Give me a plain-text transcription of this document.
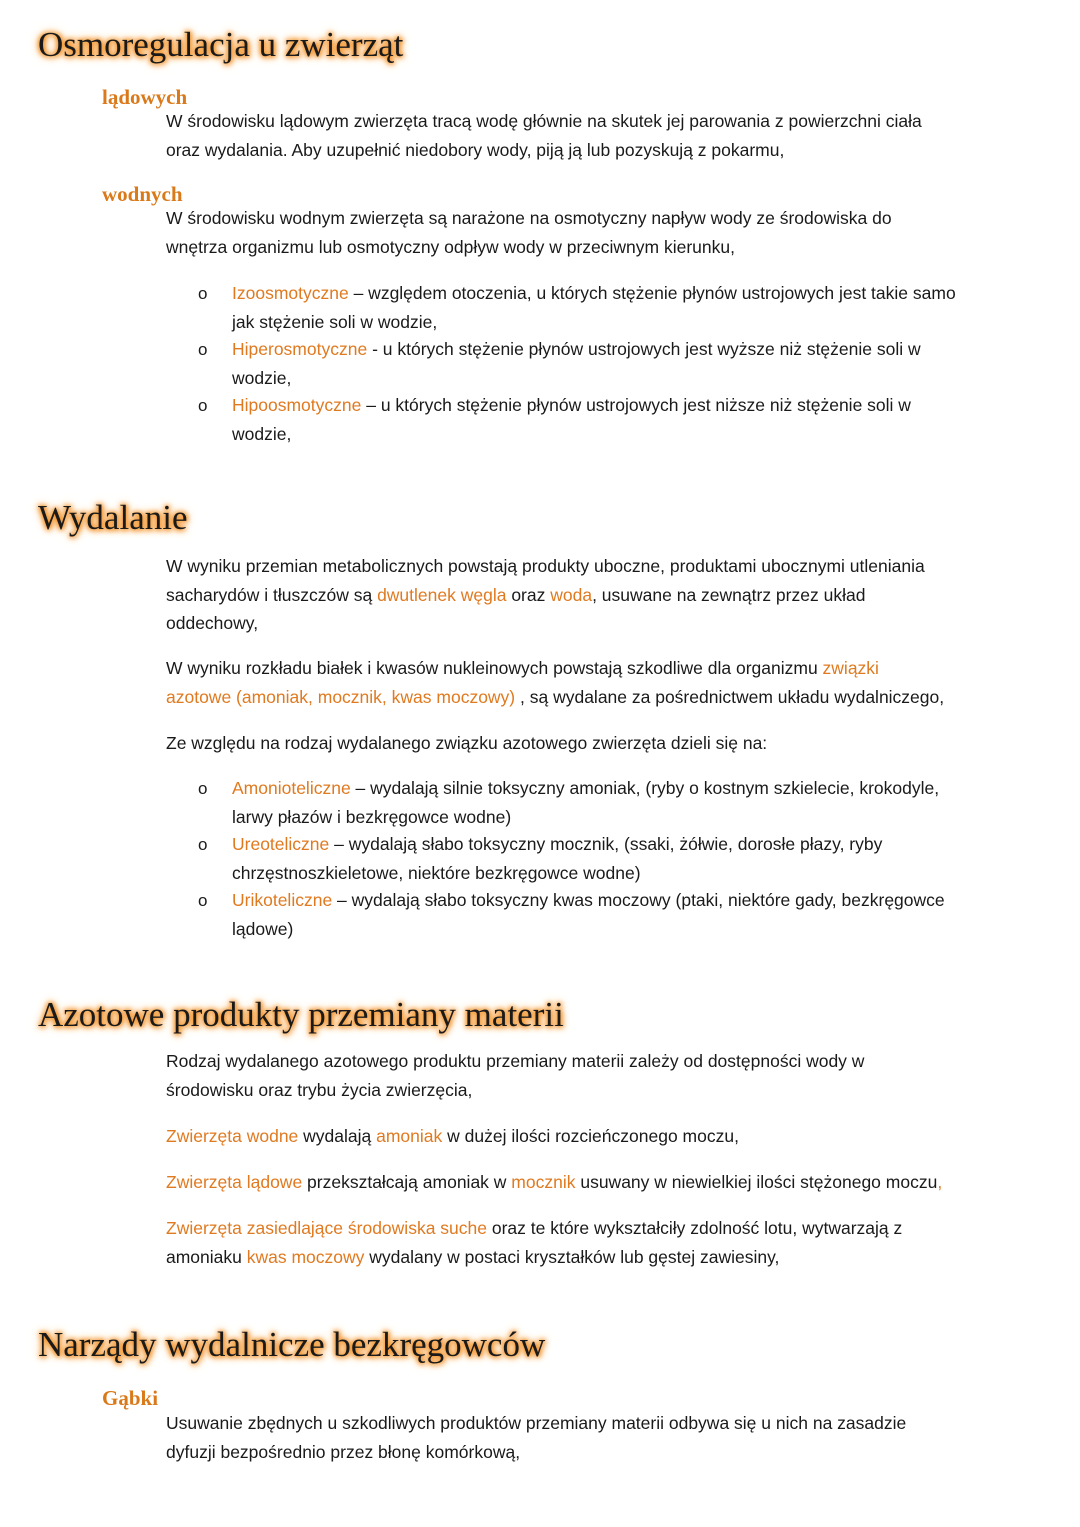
Osmoregulacja u zwierząt
lądowych
W środowisku lądowym zwierzęta tracą wodę głównie na skutek jej parowania z powierzchni ciała
oraz wydalania. Aby uzupełnić niedobory wody, piją ją lub pozyskują z pokarmu,
wodnych
W środowisku wodnym zwierzęta są narażone na osmotyczny napływ wody ze środowiska do
wnętrza organizmu lub osmotyczny odpływ wody w przeciwnym kierunku,
o Izoosmotyczne – względem otoczenia, u których stężenie płynów ustrojowych jest takie samo
jak stężenie soli w wodzie,
o Hiperosmotyczne - u których stężenie płynów ustrojowych jest wyższe niż stężenie soli w
wodzie,
o Hipoosmotyczne – u których stężenie płynów ustrojowych jest niższe niż stężenie soli w
wodzie,
Wydalanie
W wyniku przemian metabolicznych powstają produkty uboczne, produktami ubocznymi utleniania
sacharydów i tłuszczów są dwutlenek węgla oraz woda, usuwane na zewnątrz przez układ
oddechowy,
W wyniku rozkładu białek i kwasów nukleinowych powstają szkodliwe dla organizmu związki
azotowe (amoniak, mocznik, kwas moczowy) , są wydalane za pośrednictwem układu wydalniczego,
Ze względu na rodzaj wydalanego związku azotowego zwierzęta dzieli się na:
o Amonioteliczne – wydalają silnie toksyczny amoniak, (ryby o kostnym szkielecie, krokodyle,
larwy płazów i bezkręgowce wodne)
o Ureoteliczne – wydalają słabo toksyczny mocznik, (ssaki, żółwie, dorosłe płazy, ryby
chrzęstnoszkieletowe, niektóre bezkręgowce wodne)
o Urikoteliczne – wydalają słabo toksyczny kwas moczowy (ptaki, niektóre gady, bezkręgowce
lądowe)
Azotowe produkty przemiany materii
Rodzaj wydalanego azotowego produktu przemiany materii zależy od dostępności wody w
środowisku oraz trybu życia zwierzęcia,
Zwierzęta wodne wydalają amoniak w dużej ilości rozcieńczonego moczu,
Zwierzęta lądowe przekształcają amoniak w mocznik usuwany w niewielkiej ilości stężonego moczu,
Zwierzęta zasiedlające środowiska suche oraz te które wykształciły zdolność lotu, wytwarzają z
amoniaku kwas moczowy wydalany w postaci kryształków lub gęstej zawiesiny,
Narządy wydalnicze bezkręgowców
Gąbki
Usuwanie zbędnych u szkodliwych produktów przemiany materii odbywa się u nich na zasadzie
dyfuzji bezpośrednio przez błonę komórkową,
